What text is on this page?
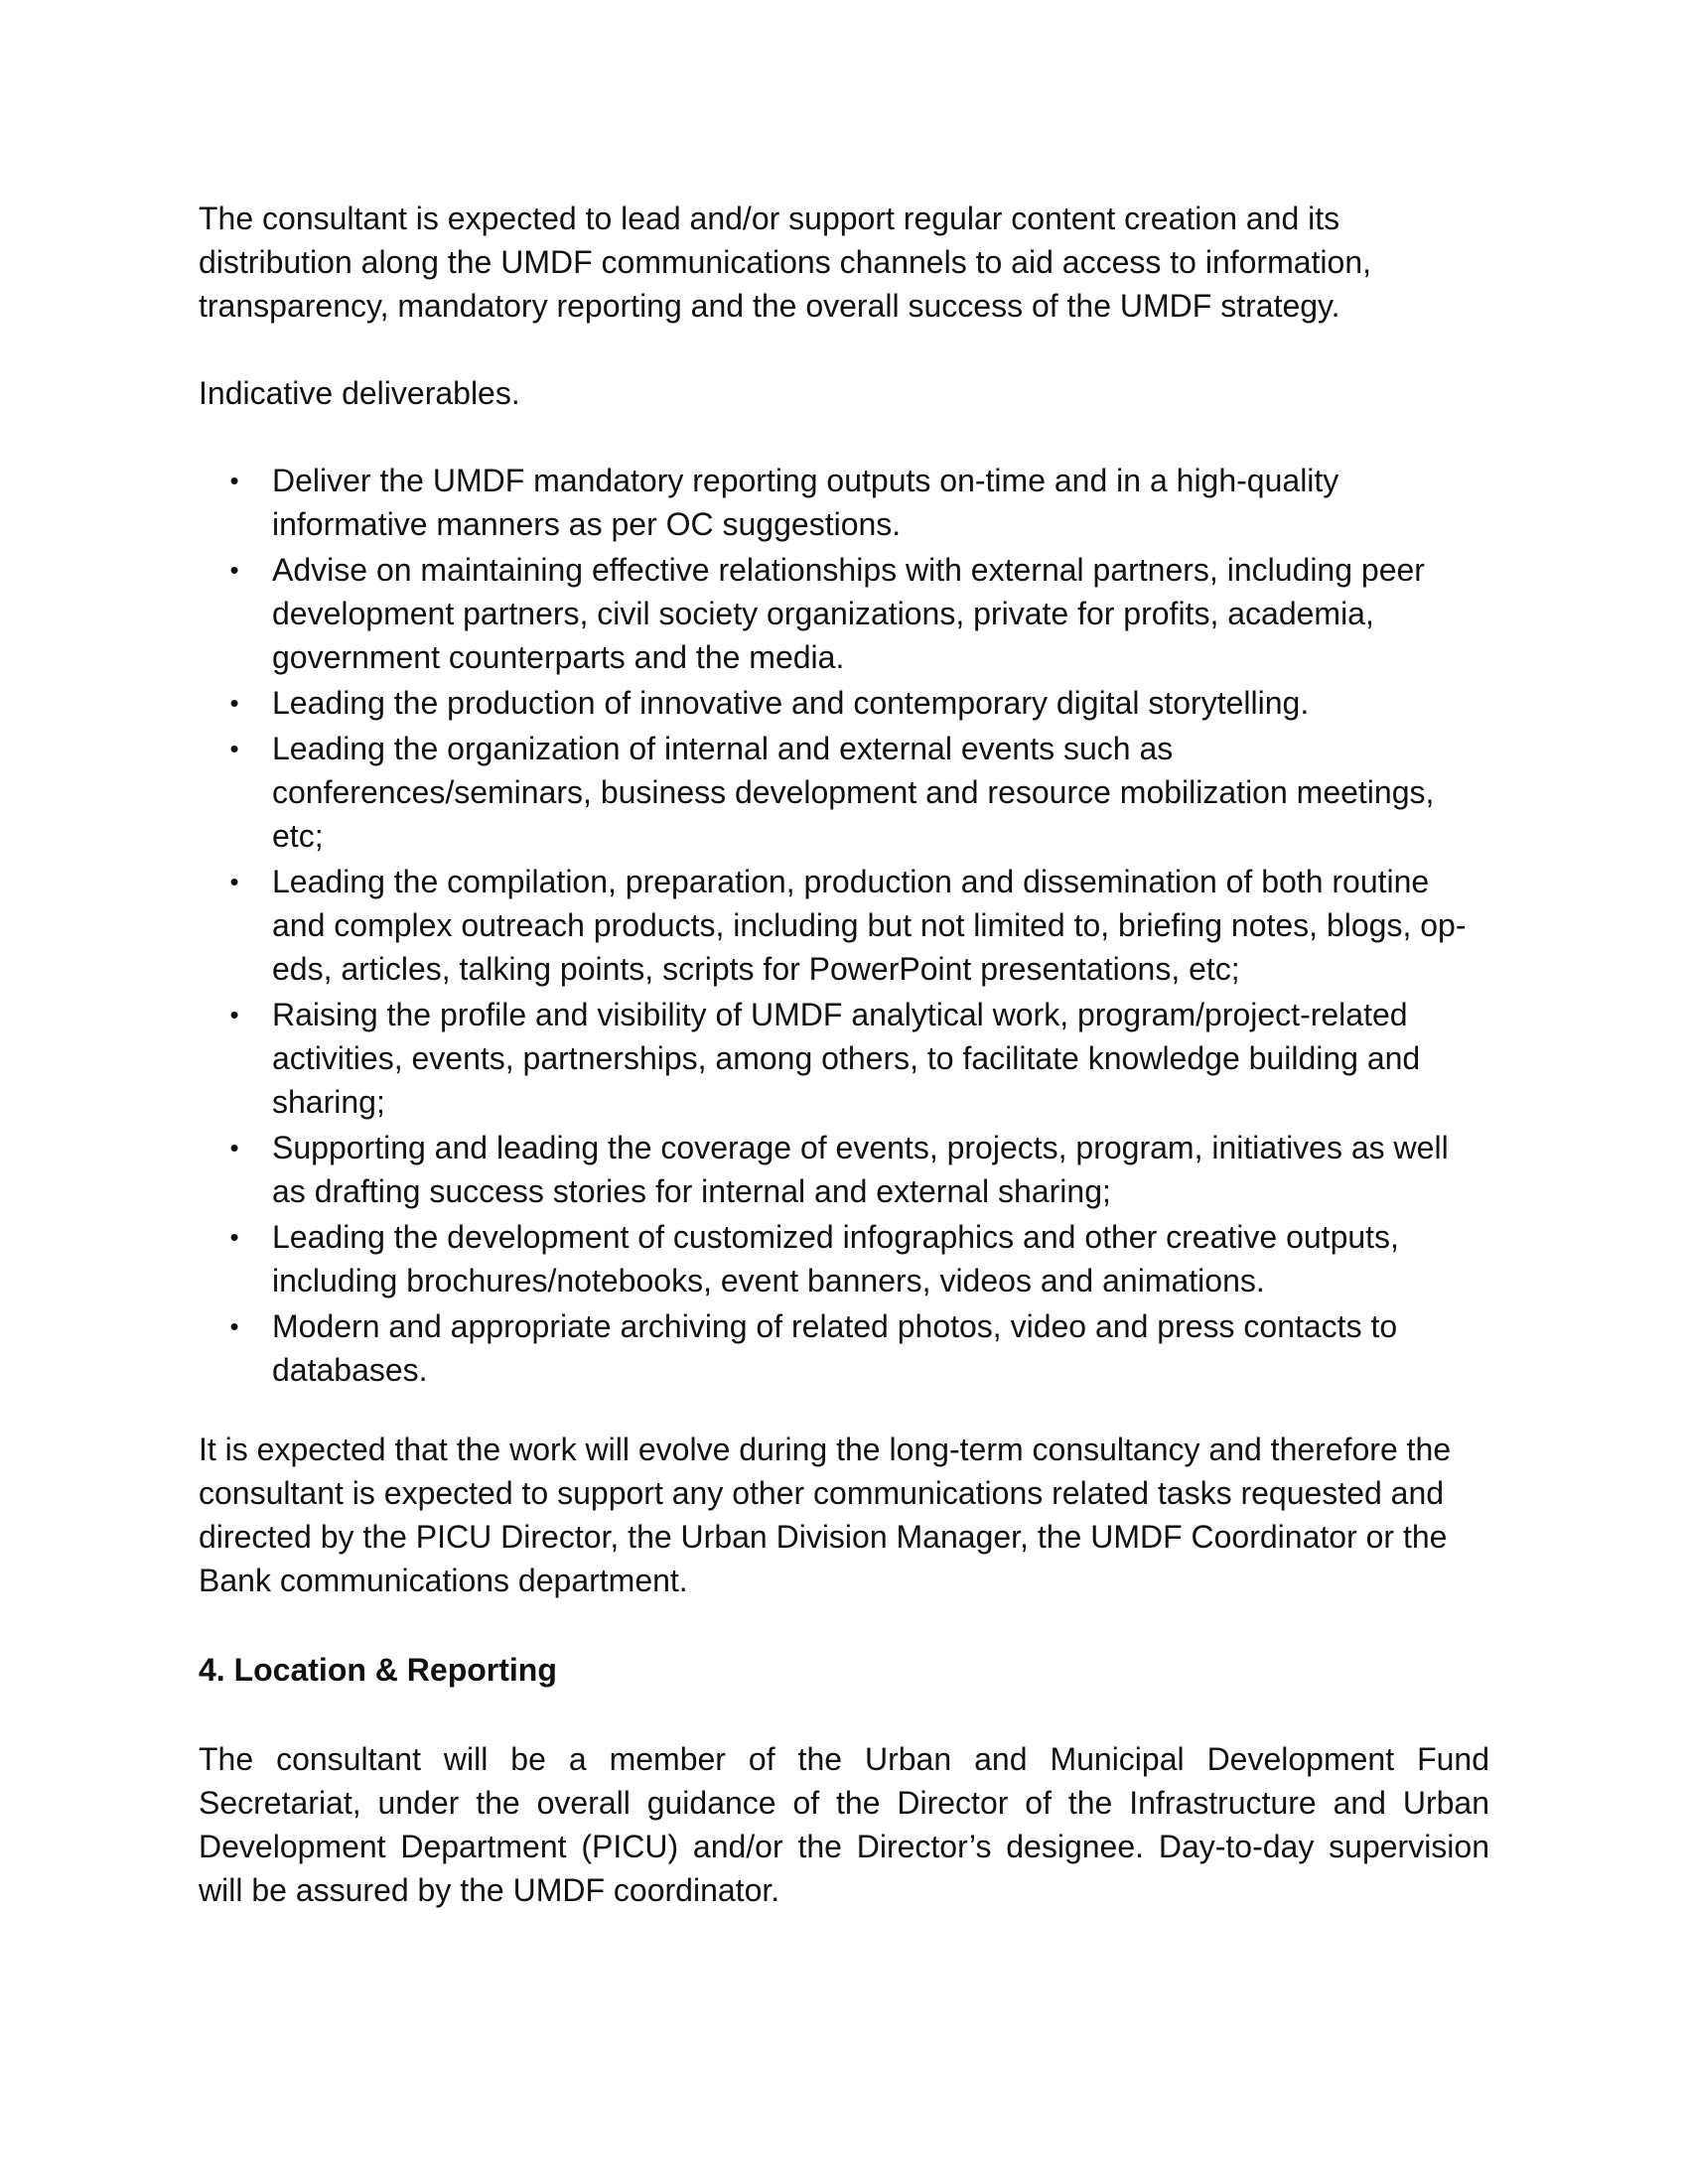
The consultant is expected to lead and/or support regular content creation and its distribution along the UMDF communications channels to aid access to information, transparency, mandatory reporting and the overall success of the UMDF strategy.

Indicative deliverables.

• Deliver the UMDF mandatory reporting outputs on-time and in a high-quality informative manners as per OC suggestions.
• Advise on maintaining effective relationships with external partners, including peer development partners, civil society organizations, private for profits, academia, government counterparts and the media.
• Leading the production of innovative and contemporary digital storytelling.
• Leading the organization of internal and external events such as conferences/seminars, business development and resource mobilization meetings, etc;
• Leading the compilation, preparation, production and dissemination of both routine and complex outreach products, including but not limited to, briefing notes, blogs, op-eds, articles, talking points, scripts for PowerPoint presentations, etc;
• Raising the profile and visibility of UMDF analytical work, program/project-related activities, events, partnerships, among others, to facilitate knowledge building and sharing;
• Supporting and leading the coverage of events, projects, program, initiatives as well as drafting success stories for internal and external sharing;
• Leading the development of customized infographics and other creative outputs, including brochures/notebooks, event banners, videos and animations.
• Modern and appropriate archiving of related photos, video and press contacts to databases.

It is expected that the work will evolve during the long-term consultancy and therefore the consultant is expected to support any other communications related tasks requested and directed by the PICU Director, the Urban Division Manager, the UMDF Coordinator or the Bank communications department.

4. Location & Reporting

The consultant will be a member of the Urban and Municipal Development Fund Secretariat, under the overall guidance of the Director of the Infrastructure and Urban Development Department (PICU) and/or the Director’s designee. Day-to-day supervision will be assured by the UMDF coordinator.
